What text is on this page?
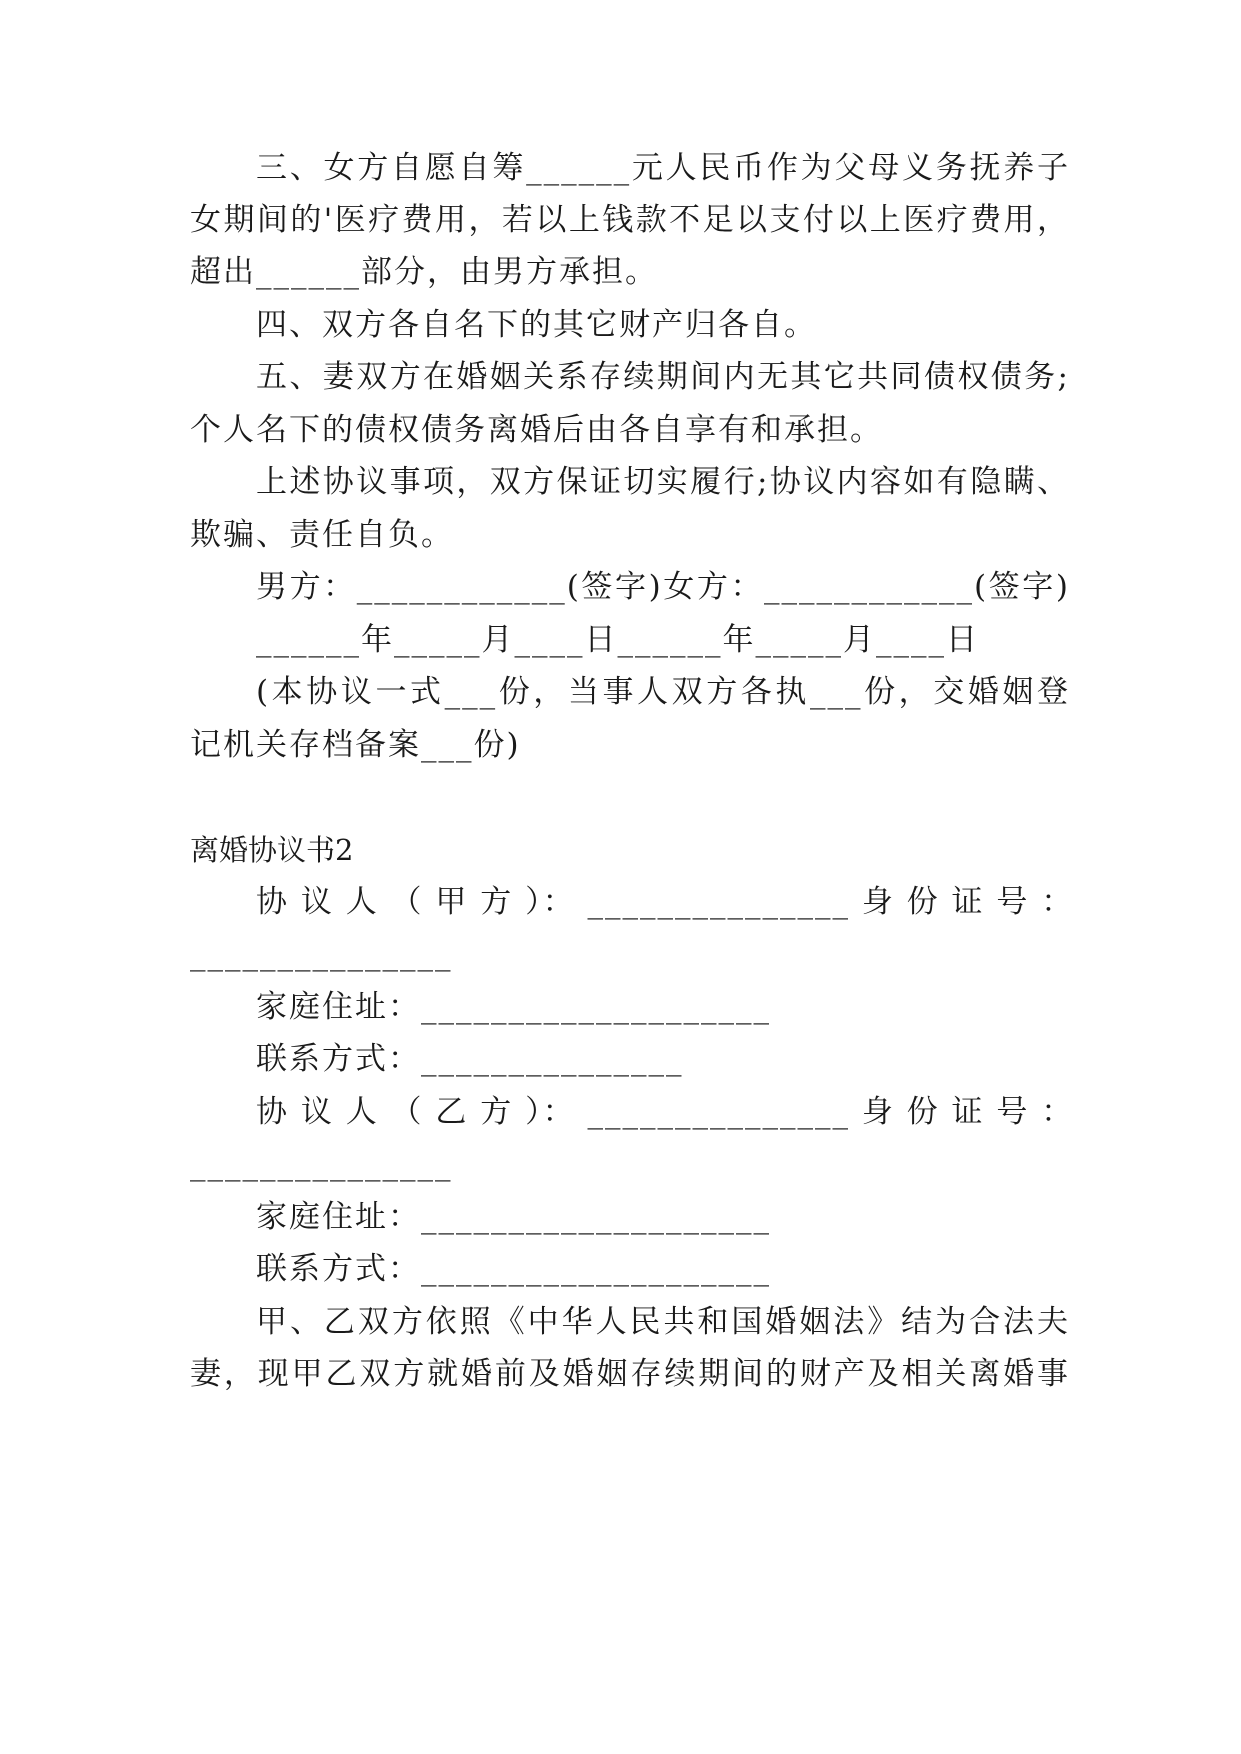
三、女方自愿自筹______元人民币作为父母义务抚养子
女期间的'医疗费用，若以上钱款不足以支付以上医疗费用，
超出______部分，由男方承担。
四、双方各自名下的其它财产归各自。
五、妻双方在婚姻关系存续期间内无其它共同债权债务;
个人名下的债权债务离婚后由各自享有和承担。
上述协议事项，双方保证切实履行;协议内容如有隐瞒、
欺骗、责任自负。
男方：____________(签字)女方：____________(签字)
______年_____月____日______年_____月____日
(本协议一式___份，当事人双方各执___份，交婚姻登
记机关存档备案___份)
离婚协议书2
协 议 人 （ 甲 方 ）： _______________ 身 份 证 号 ：
_______________
家庭住址：____________________
联系方式：_______________
协 议 人 （ 乙 方 ）： _______________ 身 份 证 号 ：
_______________
家庭住址：____________________
联系方式：____________________
甲、乙双方依照《中华人民共和国婚姻法》结为合法夫
妻，现甲乙双方就婚前及婚姻存续期间的财产及相关离婚事
